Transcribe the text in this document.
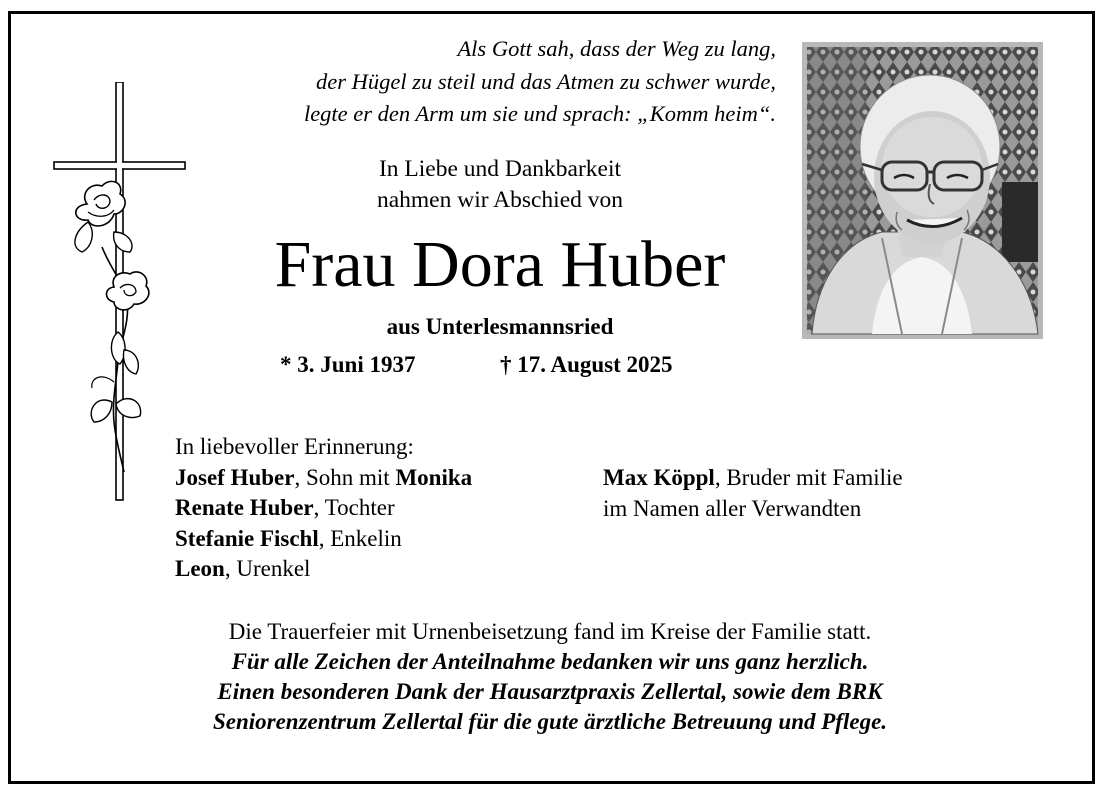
Als Gott sah, dass der Weg zu lang,
der Hügel zu steil und das Atmen zu schwer wurde,
legte er den Arm um sie und sprach: „Komm heim“.
In Liebe und Dankbarkeit
nahmen wir Abschied von
Frau Dora Huber
aus Unterlesmannsried
* 3. Juni 1937	† 17. August 2025
In liebevoller Erinnerung:
Josef Huber, Sohn mit Monika
Renate Huber, Tochter
Stefanie Fischl, Enkelin
Leon, Urenkel
Max Köppl, Bruder mit Familie
im Namen aller Verwandten
Die Trauerfeier mit Urnenbeisetzung fand im Kreise der Familie statt.
Für alle Zeichen der Anteilnahme bedanken wir uns ganz herzlich.
Einen besonderen Dank der Hausarztpraxis Zellertal, sowie dem BRK
Seniorenzentrum Zellertal für die gute ärztliche Betreuung und Pflege.
